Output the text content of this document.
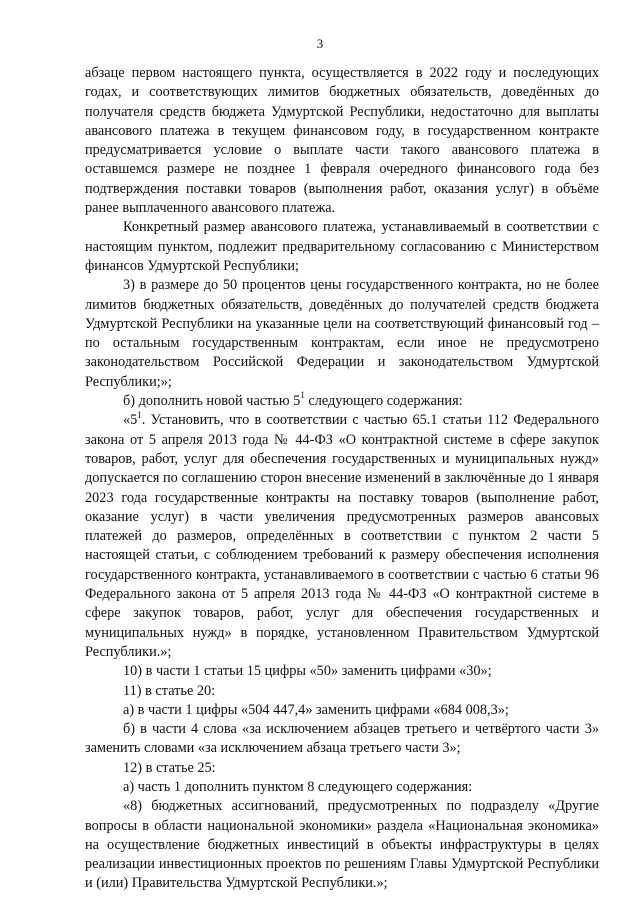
3

абзаце первом настоящего пункта, осуществляется в 2022 году и последующих годах, и соответствующих лимитов бюджетных обязательств, доведённых до получателя средств бюджета Удмуртской Республики, недостаточно для выплаты авансового платежа в текущем финансовом году, в государственном контракте предусматривается условие о выплате части такого авансового платежа в оставшемся размере не позднее 1 февраля очередного финансового года без подтверждения поставки товаров (выполнения работ, оказания услуг) в объёме ранее выплаченного авансового платежа.

Конкретный размер авансового платежа, устанавливаемый в соответствии с настоящим пунктом, подлежит предварительному согласованию с Министерством финансов Удмуртской Республики;

3) в размере до 50 процентов цены государственного контракта, но не более лимитов бюджетных обязательств, доведённых до получателей средств бюджета Удмуртской Республики на указанные цели на соответствующий финансовый год – по остальным государственным контрактам, если иное не предусмотрено законодательством Российской Федерации и законодательством Удмуртской Республики;»;

б) дополнить новой частью $5^1$ следующего содержания:

«$5^1$. Установить, что в соответствии с частью 65.1 статьи 112 Федерального закона от 5 апреля 2013 года № 44-ФЗ «О контрактной системе в сфере закупок товаров, работ, услуг для обеспечения государственных и муниципальных нужд» допускается по соглашению сторон внесение изменений в заключённые до 1 января 2023 года государственные контракты на поставку товаров (выполнение работ, оказание услуг) в части увеличения предусмотренных размеров авансовых платежей до размеров, определённых в соответствии с пунктом 2 части 5 настоящей статьи, с соблюдением требований к размеру обеспечения исполнения государственного контракта, устанавливаемого в соответствии с частью 6 статьи 96 Федерального закона от 5 апреля 2013 года № 44-ФЗ «О контрактной системе в сфере закупок товаров, работ, услуг для обеспечения государственных и муниципальных нужд» в порядке, установленном Правительством Удмуртской Республики.»;

10) в части 1 статьи 15 цифры «50» заменить цифрами «30»;

11) в статье 20:

а) в части 1 цифры «504 447,4» заменить цифрами «684 008,3»;

б) в части 4 слова «за исключением абзацев третьего и четвёртого части 3» заменить словами «за исключением абзаца третьего части 3»;

12) в статье 25:

а) часть 1 дополнить пунктом 8 следующего содержания:

«8) бюджетных ассигнований, предусмотренных по подразделу «Другие вопросы в области национальной экономики» раздела «Национальная экономика» на осуществление бюджетных инвестиций в объекты инфраструктуры в целях реализации инвестиционных проектов по решениям Главы Удмуртской Республики и (или) Правительства Удмуртской Республики.»;
